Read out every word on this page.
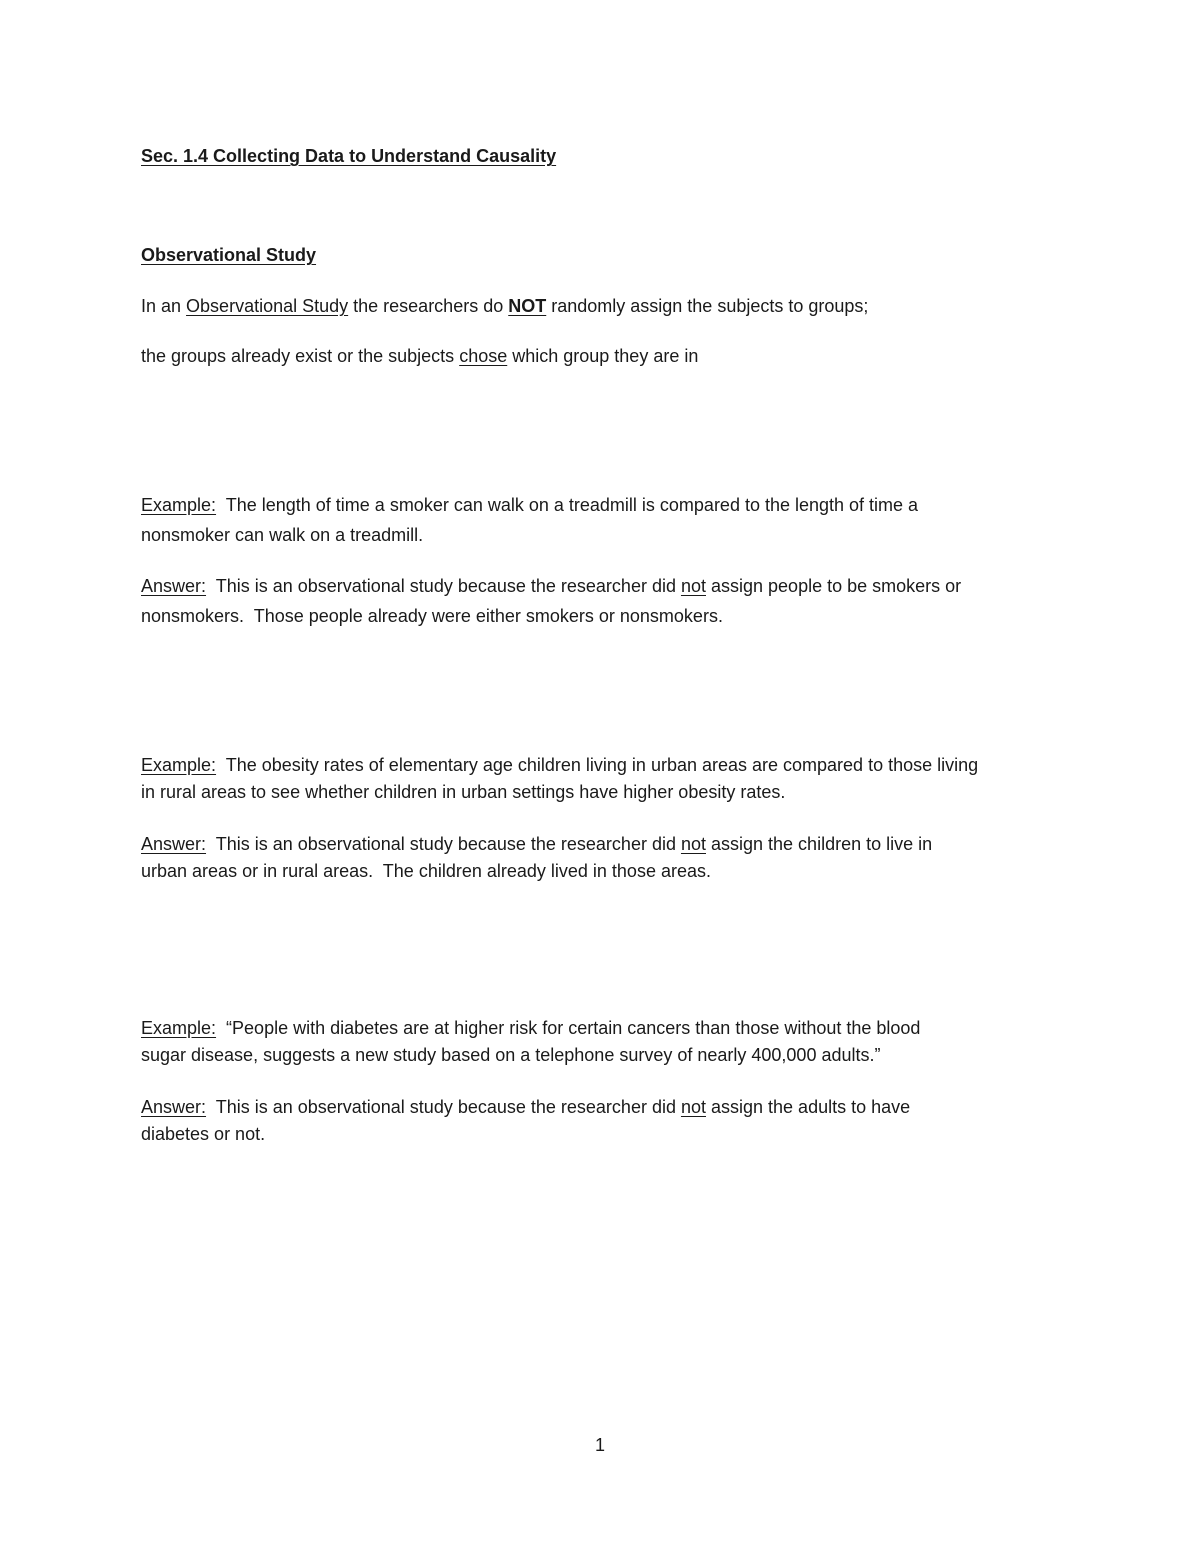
Sec. 1.4 Collecting Data to Understand Causality
Observational Study
In an Observational Study the researchers do NOT randomly assign the subjects to groups;
the groups already exist or the subjects chose which group they are in
Example:  The length of time a smoker can walk on a treadmill is compared to the length of time a
nonsmoker can walk on a treadmill.
Answer:  This is an observational study because the researcher did not assign people to be smokers or
nonsmokers.  Those people already were either smokers or nonsmokers.
Example:  The obesity rates of elementary age children living in urban areas are compared to those living
in rural areas to see whether children in urban settings have higher obesity rates.
Answer:  This is an observational study because the researcher did not assign the children to live in
urban areas or in rural areas.  The children already lived in those areas.
Example:  “People with diabetes are at higher risk for certain cancers than those without the blood
sugar disease, suggests a new study based on a telephone survey of nearly 400,000 adults.”
Answer:  This is an observational study because the researcher did not assign the adults to have
diabetes or not.
1
